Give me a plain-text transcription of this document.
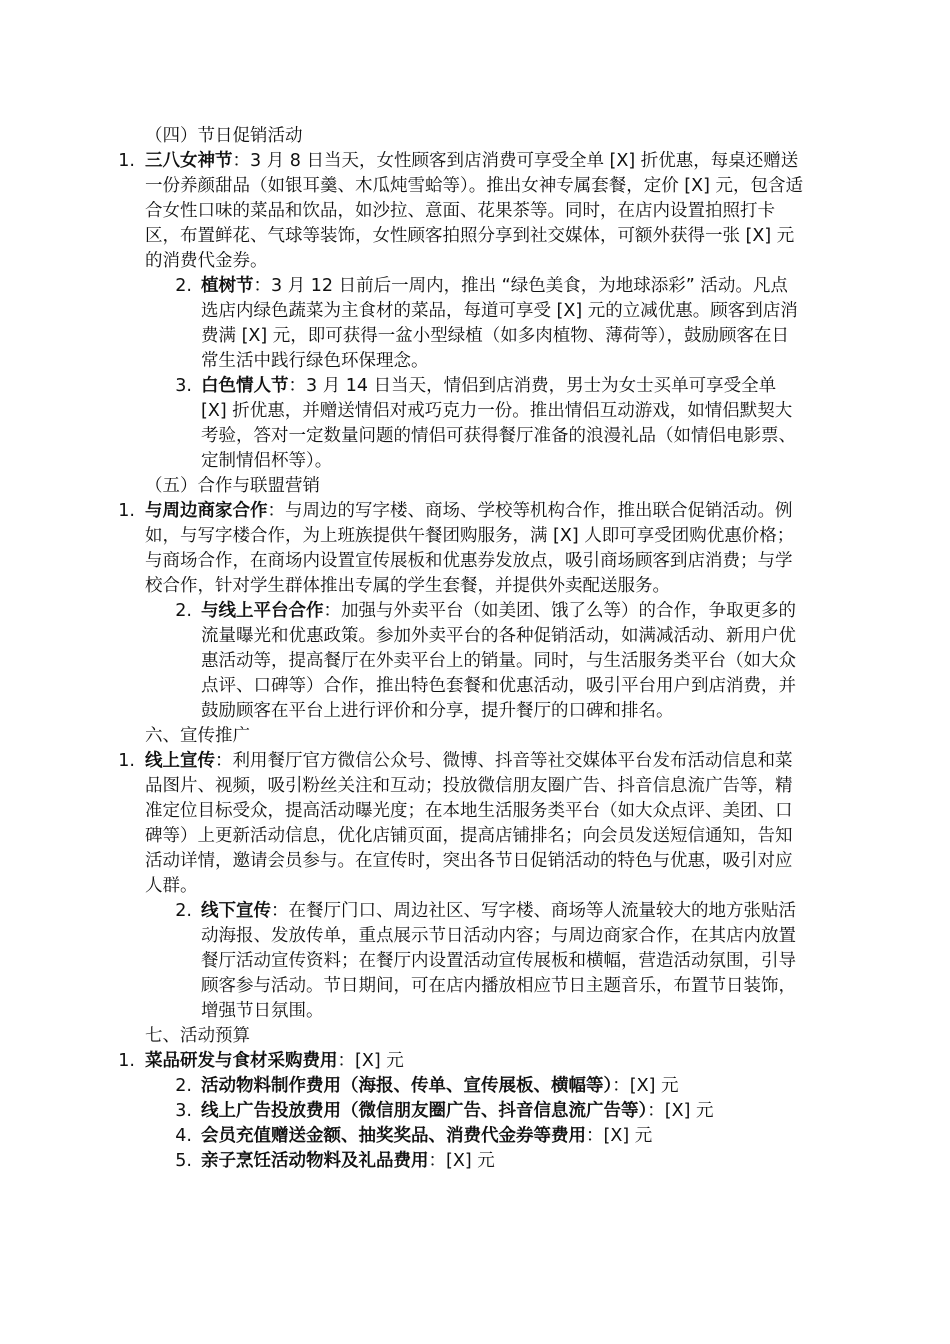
（四）节日促销活动
1. 三八女神节：3 月 8 日当天，女性顾客到店消费可享受全单 [X] 折优惠，每桌还赠送一份养颜甜品（如银耳羹、木瓜炖雪蛤等）。推出女神专属套餐，定价 [X] 元，包含适合女性口味的菜品和饮品，如沙拉、意面、花果茶等。同时，在店内设置拍照打卡区，布置鲜花、气球等装饰，女性顾客拍照分享到社交媒体，可额外获得一张 [X] 元的消费代金券。
2. 植树节：3 月 12 日前后一周内，推出 “绿色美食，为地球添彩” 活动。凡点选店内绿色蔬菜为主食材的菜品，每道可享受 [X] 元的立减优惠。顾客到店消费满 [X] 元，即可获得一盆小型绿植（如多肉植物、薄荷等），鼓励顾客在日常生活中践行绿色环保理念。
3. 白色情人节：3 月 14 日当天，情侣到店消费，男士为女士买单可享受全单 [X] 折优惠，并赠送情侣对戒巧克力一份。推出情侣互动游戏，如情侣默契大考验，答对一定数量问题的情侣可获得餐厅准备的浪漫礼品（如情侣电影票、定制情侣杯等）。
（五）合作与联盟营销
1. 与周边商家合作：与周边的写字楼、商场、学校等机构合作，推出联合促销活动。例如，与写字楼合作，为上班族提供午餐团购服务，满 [X] 人即可享受团购优惠价格；与商场合作，在商场内设置宣传展板和优惠券发放点，吸引商场顾客到店消费；与学校合作，针对学生群体推出专属的学生套餐，并提供外卖配送服务。
2. 与线上平台合作：加强与外卖平台（如美团、饿了么等）的合作，争取更多的流量曝光和优惠政策。参加外卖平台的各种促销活动，如满减活动、新用户优惠活动等，提高餐厅在外卖平台上的销量。同时，与生活服务类平台（如大众点评、口碑等）合作，推出特色套餐和优惠活动，吸引平台用户到店消费，并鼓励顾客在平台上进行评价和分享，提升餐厅的口碑和排名。
六、宣传推广
1. 线上宣传：利用餐厅官方微信公众号、微博、抖音等社交媒体平台发布活动信息和菜品图片、视频，吸引粉丝关注和互动；投放微信朋友圈广告、抖音信息流广告等，精准定位目标受众，提高活动曝光度；在本地生活服务类平台（如大众点评、美团、口碑等）上更新活动信息，优化店铺页面，提高店铺排名；向会员发送短信通知，告知活动详情，邀请会员参与。在宣传时，突出各节日促销活动的特色与优惠，吸引对应人群。
2. 线下宣传：在餐厅门口、周边社区、写字楼、商场等人流量较大的地方张贴活动海报、发放传单，重点展示节日活动内容；与周边商家合作，在其店内放置餐厅活动宣传资料；在餐厅内设置活动宣传展板和横幅，营造活动氛围，引导顾客参与活动。节日期间，可在店内播放相应节日主题音乐，布置节日装饰，增强节日氛围。
七、活动预算
1. 菜品研发与食材采购费用：[X] 元
2. 活动物料制作费用（海报、传单、宣传展板、横幅等）：[X] 元
3. 线上广告投放费用（微信朋友圈广告、抖音信息流广告等）：[X] 元
4. 会员充值赠送金额、抽奖奖品、消费代金券等费用：[X] 元
5. 亲子烹饪活动物料及礼品费用：[X] 元
